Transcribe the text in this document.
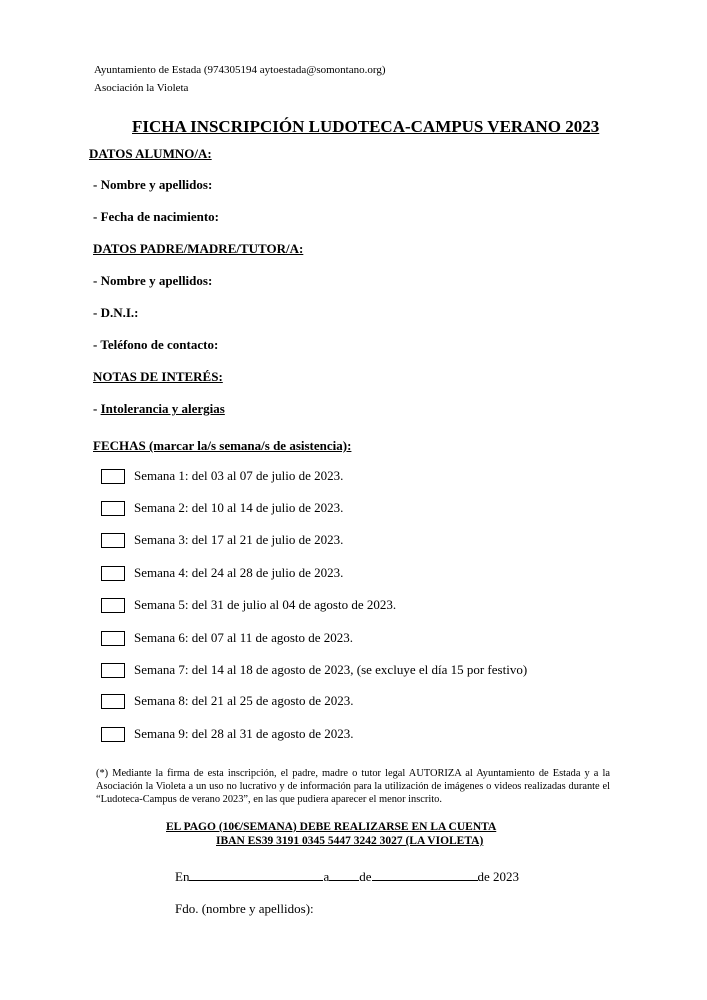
Ayuntamiento de Estada (974305194 aytoestada@somontano.org)
Asociación la Violeta
FICHA INSCRIPCIÓN LUDOTECA-CAMPUS VERANO 2023
DATOS ALUMNO/A:
- Nombre y apellidos:
- Fecha de nacimiento:
DATOS PADRE/MADRE/TUTOR/A:
- Nombre y apellidos:
- D.N.I.:
- Teléfono de contacto:
NOTAS DE INTERÉS:
- Intolerancia y alergias
FECHAS (marcar la/s semana/s de asistencia):
Semana 1: del 03 al 07 de julio de 2023.
Semana 2: del 10 al 14 de julio de 2023.
Semana 3: del 17 al 21 de julio de 2023.
Semana 4: del 24 al 28 de julio de 2023.
Semana 5: del 31 de julio al 04 de agosto de 2023.
Semana 6: del 07 al 11 de agosto de 2023.
Semana 7: del 14 al 18 de agosto de 2023, (se excluye el día 15 por festivo)
Semana 8: del 21 al 25 de agosto de 2023.
Semana 9: del 28 al 31 de agosto de 2023.
(*) Mediante la firma de esta inscripción, el padre, madre o tutor legal AUTORIZA al Ayuntamiento de Estada y a la Asociación la Violeta a un uso no lucrativo y de información para la utilización de imágenes o videos realizadas durante el “Ludoteca-Campus de verano 2023”, en las que pudiera aparecer el menor inscrito.
EL PAGO (10€/SEMANA) DEBE REALIZARSE EN LA CUENTA
IBAN ES39 3191 0345 5447 3242 3027 (LA VIOLETA)
En	a de	de 2023
Fdo. (nombre y apellidos):
